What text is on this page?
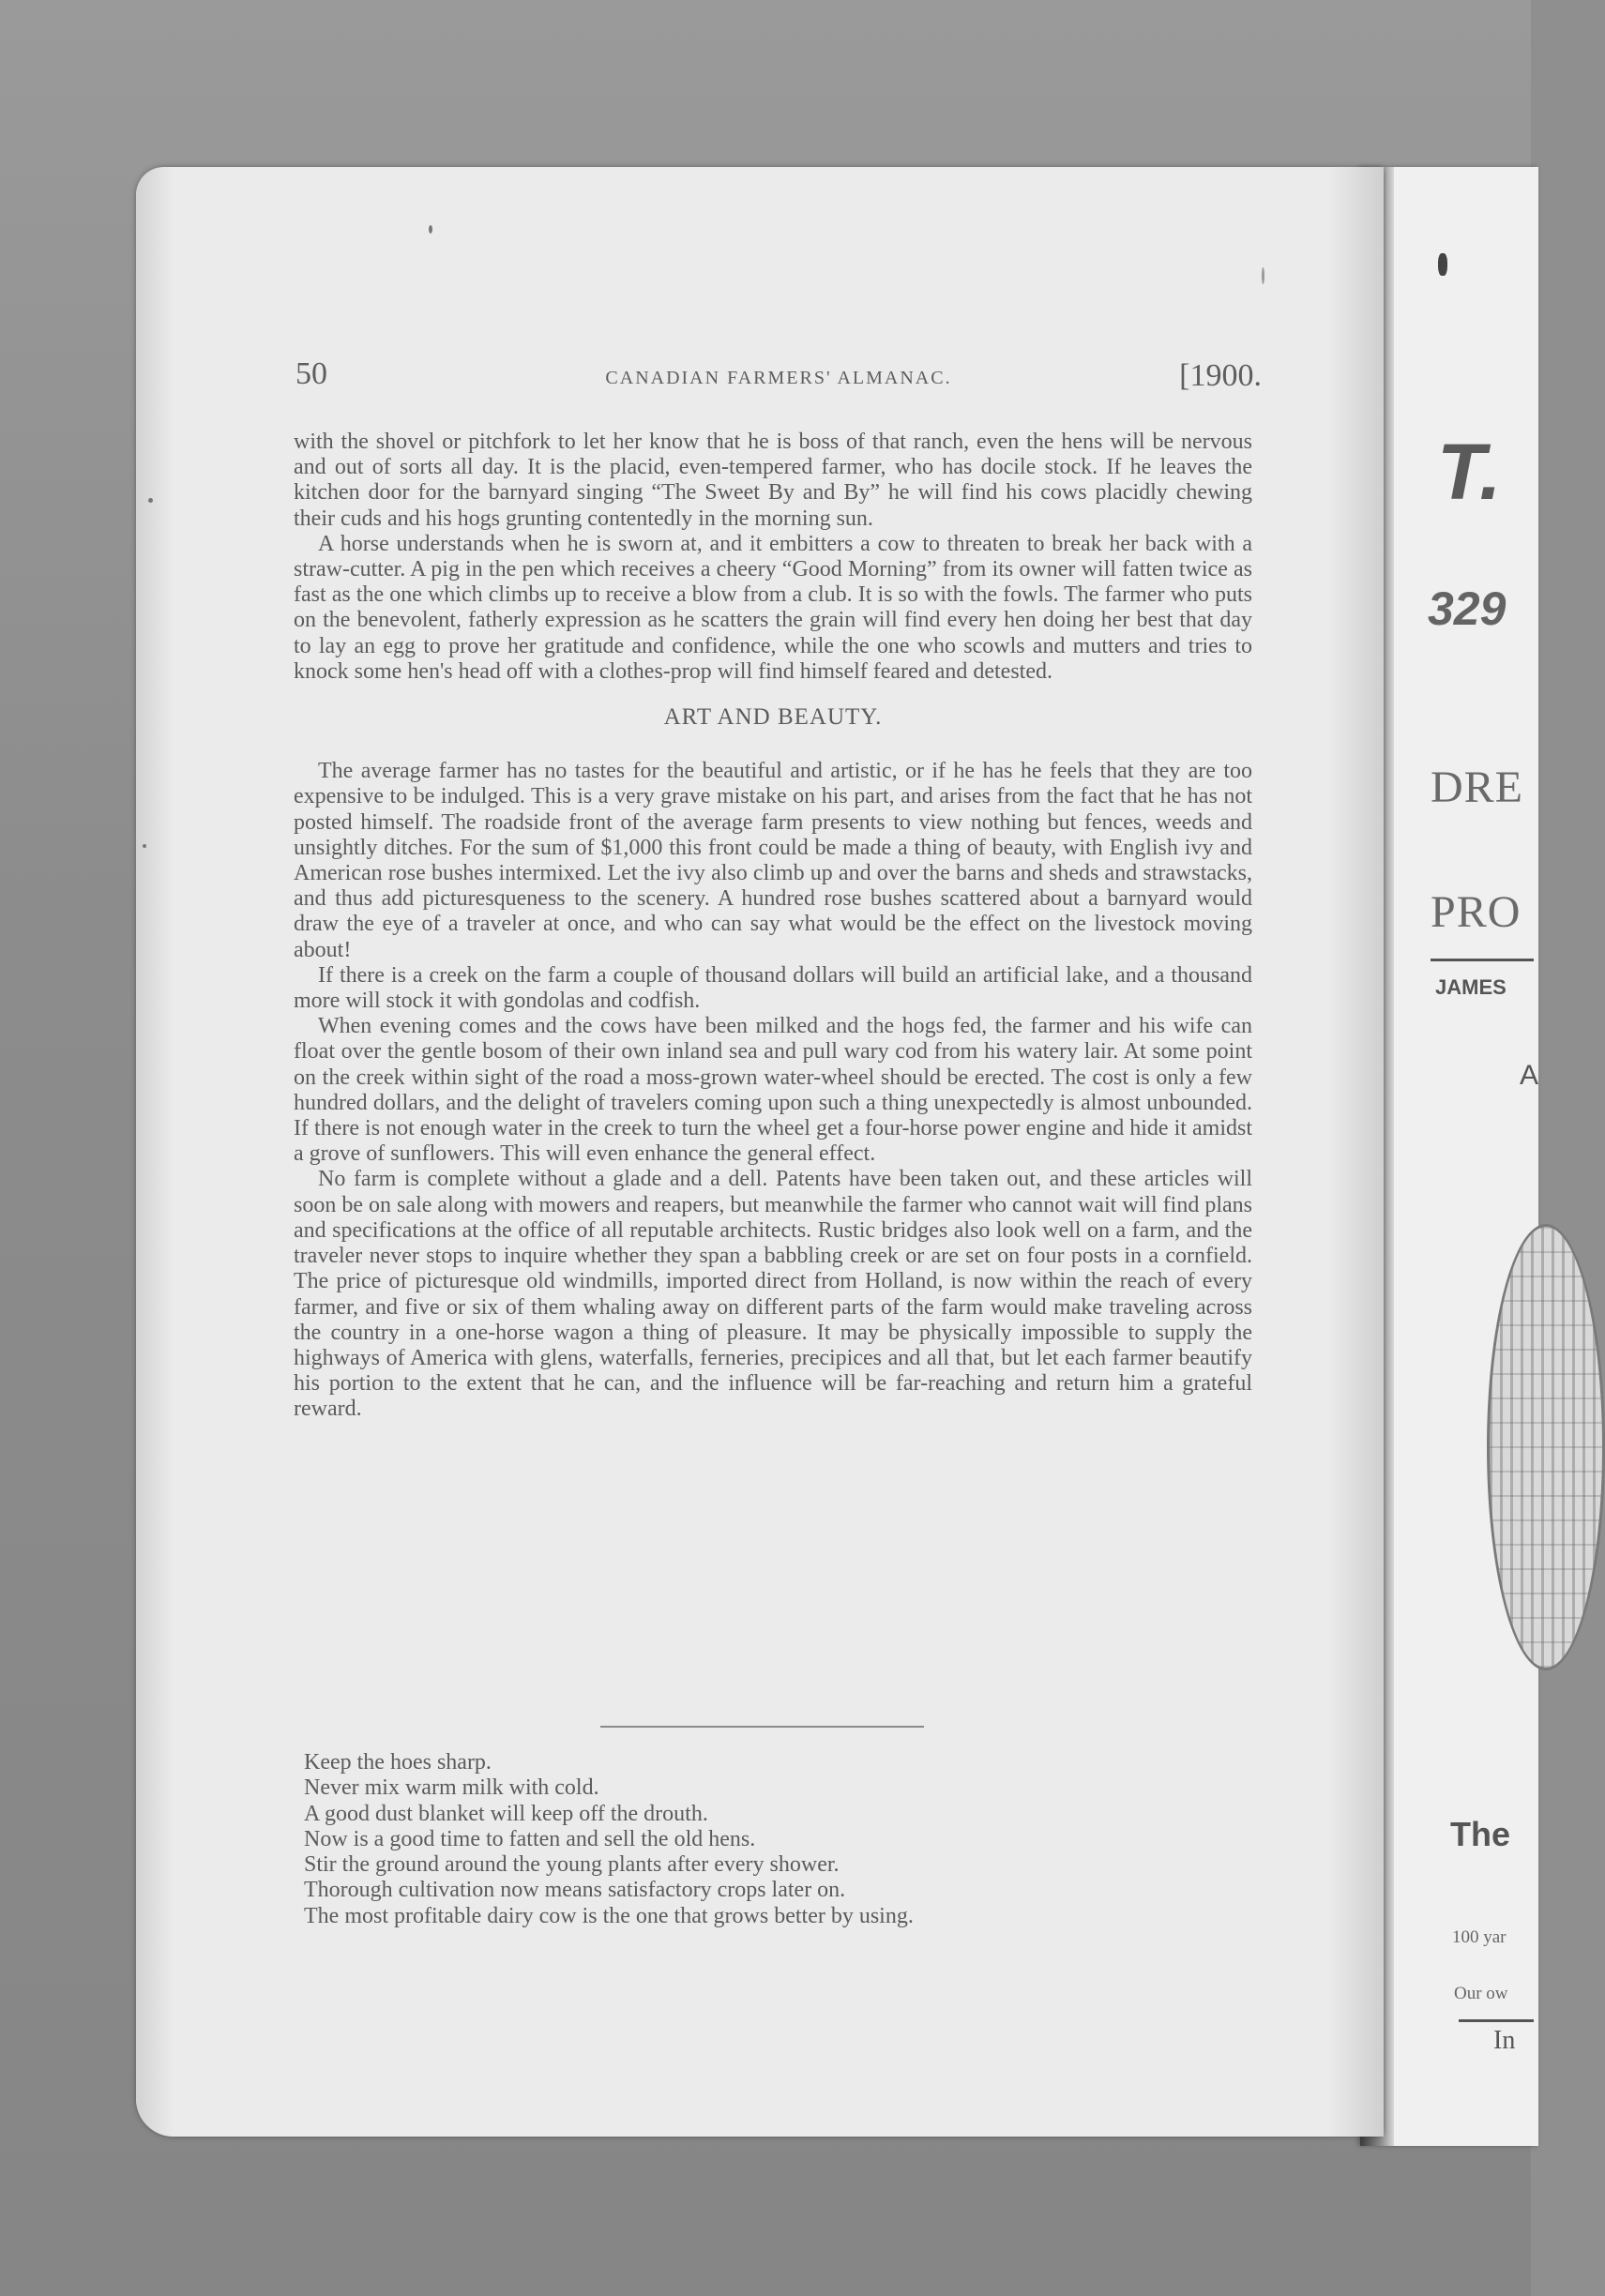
T.
329
DRE
PRO
JAMES
A
The
100 yar
Our ow
In
50	CANADIAN FARMERS' ALMANAC.	[1900.

with the shovel or pitchfork to let her know that he is boss of that ranch, even the hens will be nervous and out of sorts all day. It is the placid, even-tempered farmer, who has docile stock. If he leaves the kitchen door for the barnyard singing “The Sweet By and By” he will find his cows placidly chewing their cuds and his hogs grunting contentedly in the morning sun.

A horse understands when he is sworn at, and it embitters a cow to threaten to break her back with a straw-cutter. A pig in the pen which receives a cheery “Good Morning” from its owner will fatten twice as fast as the one which climbs up to receive a blow from a club. It is so with the fowls. The farmer who puts on the benevolent, fatherly expression as he scatters the grain will find every hen doing her best that day to lay an egg to prove her gratitude and confidence, while the one who scowls and mutters and tries to knock some hen's head off with a clothes-prop will find himself feared and detested.

ART AND BEAUTY.

The average farmer has no tastes for the beautiful and artistic, or if he has he feels that they are too expensive to be indulged. This is a very grave mistake on his part, and arises from the fact that he has not posted himself. The roadside front of the average farm presents to view nothing but fences, weeds and unsightly ditches. For the sum of $1,000 this front could be made a thing of beauty, with English ivy and American rose bushes intermixed. Let the ivy also climb up and over the barns and sheds and strawstacks, and thus add picturesqueness to the scenery. A hundred rose bushes scattered about a barnyard would draw the eye of a traveler at once, and who can say what would be the effect on the livestock moving about!

If there is a creek on the farm a couple of thousand dollars will build an artificial lake, and a thousand more will stock it with gondolas and codfish.

When evening comes and the cows have been milked and the hogs fed, the farmer and his wife can float over the gentle bosom of their own inland sea and pull wary cod from his watery lair. At some point on the creek within sight of the road a moss-grown water-wheel should be erected. The cost is only a few hundred dollars, and the delight of travelers coming upon such a thing unexpectedly is almost unbounded. If there is not enough water in the creek to turn the wheel get a four-horse power engine and hide it amidst a grove of sunflowers. This will even enhance the general effect.

No farm is complete without a glade and a dell. Patents have been taken out, and these articles will soon be on sale along with mowers and reapers, but meanwhile the farmer who cannot wait will find plans and specifications at the office of all reputable architects. Rustic bridges also look well on a farm, and the traveler never stops to inquire whether they span a babbling creek or are set on four posts in a cornfield. The price of picturesque old windmills, imported direct from Holland, is now within the reach of every farmer, and five or six of them whaling away on different parts of the farm would make traveling across the country in a one-horse wagon a thing of pleasure. It may be physically impossible to supply the highways of America with glens, waterfalls, ferneries, precipices and all that, but let each farmer beautify his portion to the extent that he can, and the influence will be far-reaching and return him a grateful reward.

Keep the hoes sharp.
Never mix warm milk with cold.
A good dust blanket will keep off the drouth.
Now is a good time to fatten and sell the old hens.
Stir the ground around the young plants after every shower.
Thorough cultivation now means satisfactory crops later on.
The most profitable dairy cow is the one that grows better by using.
